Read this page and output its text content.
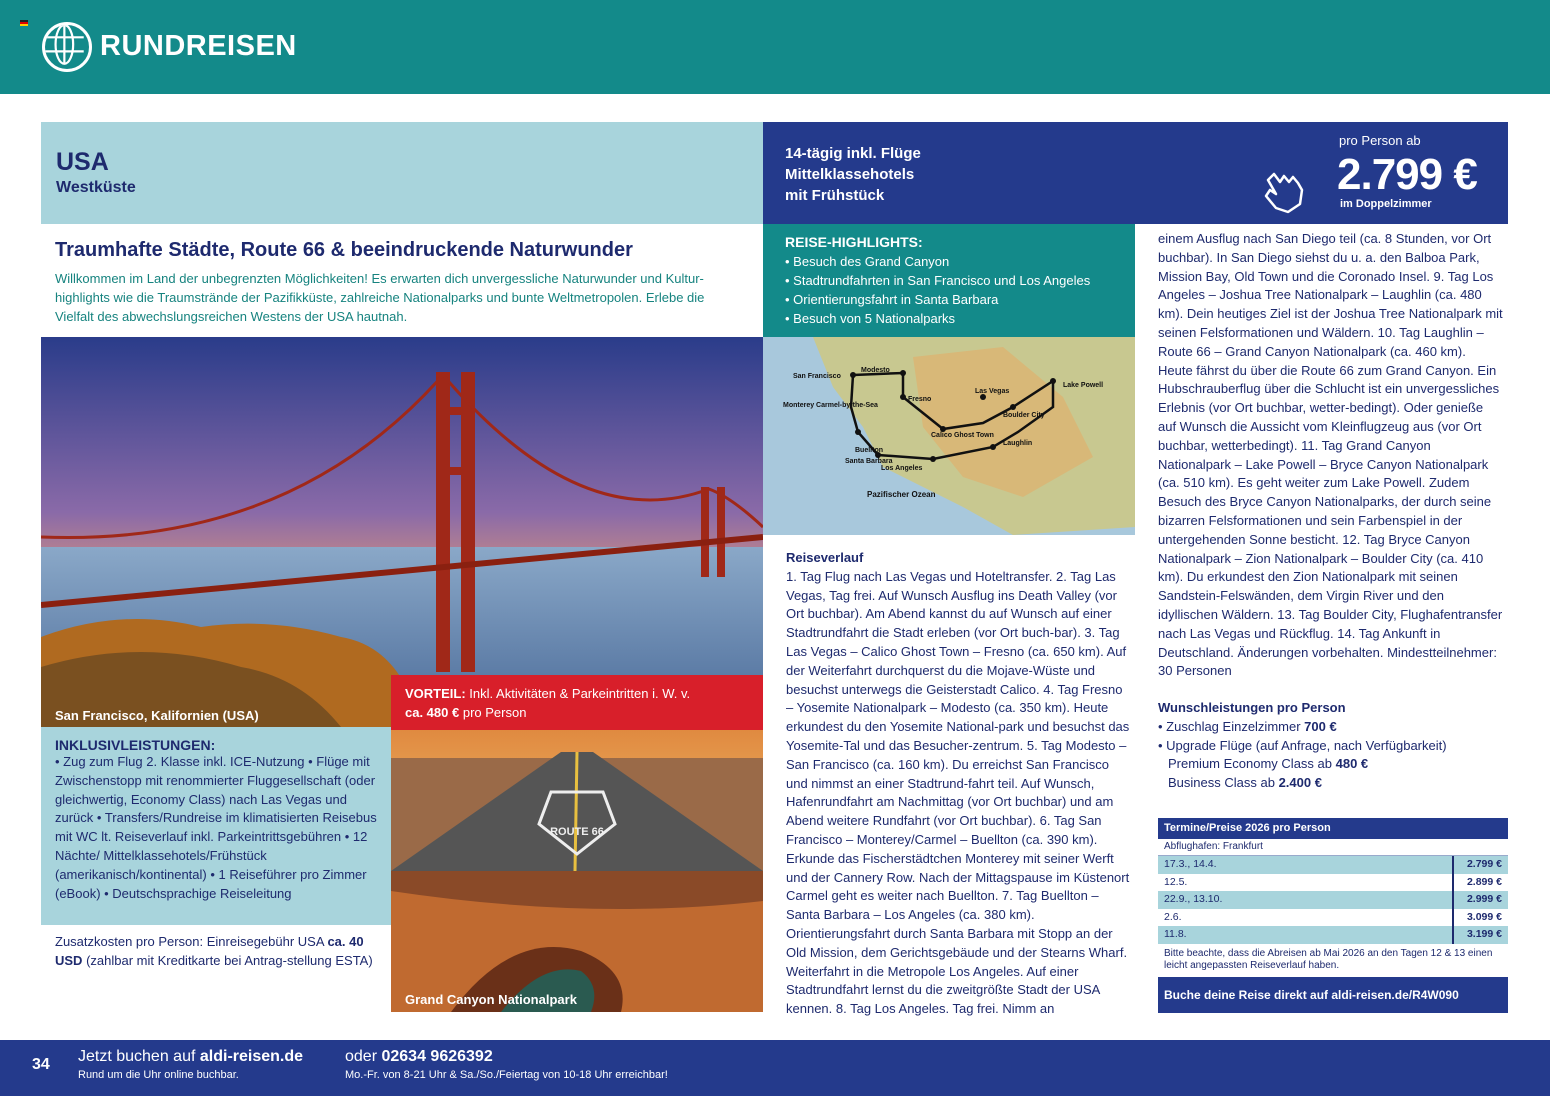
RUNDREISEN
USA
Westküste
14-tägig inkl. Flüge
Mittelklassehotels
mit Frühstück
pro Person ab
2.799 €
im Doppelzimmer
Traumhafte Städte, Route 66 & beeindruckende Naturwunder
Willkommen im Land der unbegrenzten Möglichkeiten! Es erwarten dich unvergessliche Naturwunder und Kultur-highlights wie die Traumstrände der Pazifikküste, zahlreiche Nationalparks und bunte Weltmetropolen. Erlebe die Vielfalt des abwechslungsreichen Westens der USA hautnah.
REISE-HIGHLIGHTS:
• Besuch des Grand Canyon
• Stadtrundfahrten in San Francisco und Los Angeles
• Orientierungsfahrt in Santa Barbara
• Besuch von 5 Nationalparks
San Francisco, Kalifornien (USA)
San Francisco
Modesto
Fresno
Monterey Carmel-by-the-Sea
Calico Ghost Town
Las Vegas
Boulder City
Lake Powell
Laughlin
Buellton
Santa Barbara
Los Angeles
Pazifischer Ozean
INKLUSIVLEISTUNGEN:

• Zug zum Flug 2. Klasse inkl. ICE-Nutzung • Flüge mit Zwischenstopp mit renommierter Fluggesellschaft (oder gleichwertig, Economy Class) nach Las Vegas und zurück • Transfers/Rundreise im klimatisierten Reisebus mit WC lt. Reiseverlauf inkl. Parkeintrittsgebühren • 12 Nächte/ Mittelklassehotels/Frühstück (amerikanisch/kontinental) • 1 Reiseführer pro Zimmer (eBook) • Deutschsprachige Reiseleitung

Zusatzkosten pro Person: Einreisegebühr USA ca. 40 USD (zahlbar mit Kreditkarte bei Antrag-stellung ESTA)
VORTEIL: Inkl. Aktivitäten & Parkeintritten i. W. v.
ca. 480 € pro Person
ROUTE 66
Grand Canyon Nationalpark
Reiseverlauf
1. Tag Flug nach Las Vegas und Hoteltransfer. 2. Tag Las Vegas, Tag frei. Auf Wunsch Ausflug ins Death Valley (vor Ort buchbar). Am Abend kannst du auf Wunsch auf einer Stadtrundfahrt die Stadt erleben (vor Ort buch-bar). 3. Tag Las Vegas – Calico Ghost Town – Fresno (ca. 650 km). Auf der Weiterfahrt durchquerst du die Mojave-Wüste und besuchst unterwegs die Geisterstadt Calico. 4. Tag Fresno – Yosemite Nationalpark – Modesto (ca. 350 km). Heute erkundest du den Yosemite National-park und besuchst das Yosemite-Tal und das Besucher-zentrum. 5. Tag Modesto – San Francisco (ca. 160 km). Du erreichst San Francisco und nimmst an einer Stadtrund-fahrt teil. Auf Wunsch, Hafenrundfahrt am Nachmittag (vor Ort buchbar) und am Abend weitere Rundfahrt (vor Ort buchbar). 6. Tag San Francisco – Monterey/Carmel – Buellton (ca. 390 km). Erkunde das Fischerstädtchen Monterey mit seiner Werft und der Cannery Row. Nach der Mittagspause im Küstenort Carmel geht es weiter nach Buellton. 7. Tag Buellton – Santa Barbara – Los Angeles (ca. 380 km). Orientierungsfahrt durch Santa Barbara mit Stopp an der Old Mission, dem Gerichtsgebäude und der Stearns Wharf. Weiterfahrt in die Metropole Los Angeles. Auf einer Stadtrundfahrt lernst du die zweitgrößte Stadt der USA kennen. 8. Tag Los Angeles. Tag frei. Nimm an
einem Ausflug nach San Diego teil (ca. 8 Stunden, vor Ort buchbar). In San Diego siehst du u. a. den Balboa Park, Mission Bay, Old Town und die Coronado Insel. 9. Tag Los Angeles – Joshua Tree Nationalpark – Laughlin (ca. 480 km). Dein heutiges Ziel ist der Joshua Tree Nationalpark mit seinen Felsformationen und Wäldern. 10. Tag Laughlin – Route 66 – Grand Canyon Nationalpark (ca. 460 km). Heute fährst du über die Route 66 zum Grand Canyon. Ein Hubschrauberflug über die Schlucht ist ein unvergessliches Erlebnis (vor Ort buchbar, wetter-bedingt). Oder genieße auf Wunsch die Aussicht vom Kleinflugzeug aus (vor Ort buchbar, wetterbedingt). 11. Tag Grand Canyon Nationalpark – Lake Powell – Bryce Canyon Nationalpark (ca. 510 km). Es geht weiter zum Lake Powell. Zudem Besuch des Bryce Canyon Nationalparks, der durch seine bizarren Felsformationen und sein Farbenspiel in der untergehenden Sonne besticht. 12. Tag Bryce Canyon Nationalpark – Zion Nationalpark – Boulder City (ca. 410 km). Du erkundest den Zion Nationalpark mit seinen Sandstein-Felswänden, dem Virgin River und den idyllischen Wäldern. 13. Tag Boulder City, Flughafentransfer nach Las Vegas und Rückflug. 14. Tag Ankunft in Deutschland. Änderungen vorbehalten. Mindestteilnehmer: 30 Personen
Wunschleistungen pro Person
• Zuschlag Einzelzimmer 700 €
• Upgrade Flüge (auf Anfrage, nach Verfügbarkeit)
Premium Economy Class ab 480 €
Business Class ab 2.400 €
Termine/Preise 2026 pro Person
Abflughafen: Frankfurt
17.3., 14.4.	2.799 €
12.5.	2.899 €
22.9., 13.10.	2.999 €
2.6.	3.099 €
11.8.	3.199 €
Bitte beachte, dass die Abreisen ab Mai 2026 an den Tagen 12 & 13 einen leicht angepassten Reiseverlauf haben.
Buche deine Reise direkt auf aldi-reisen.de/R4W090
34 Jetzt buchen auf aldi-reisen.de
Rund um die Uhr online buchbar.
oder 02634 9626392
Mo.-Fr. von 8-21 Uhr & Sa./So./Feiertag von 10-18 Uhr erreichbar!
